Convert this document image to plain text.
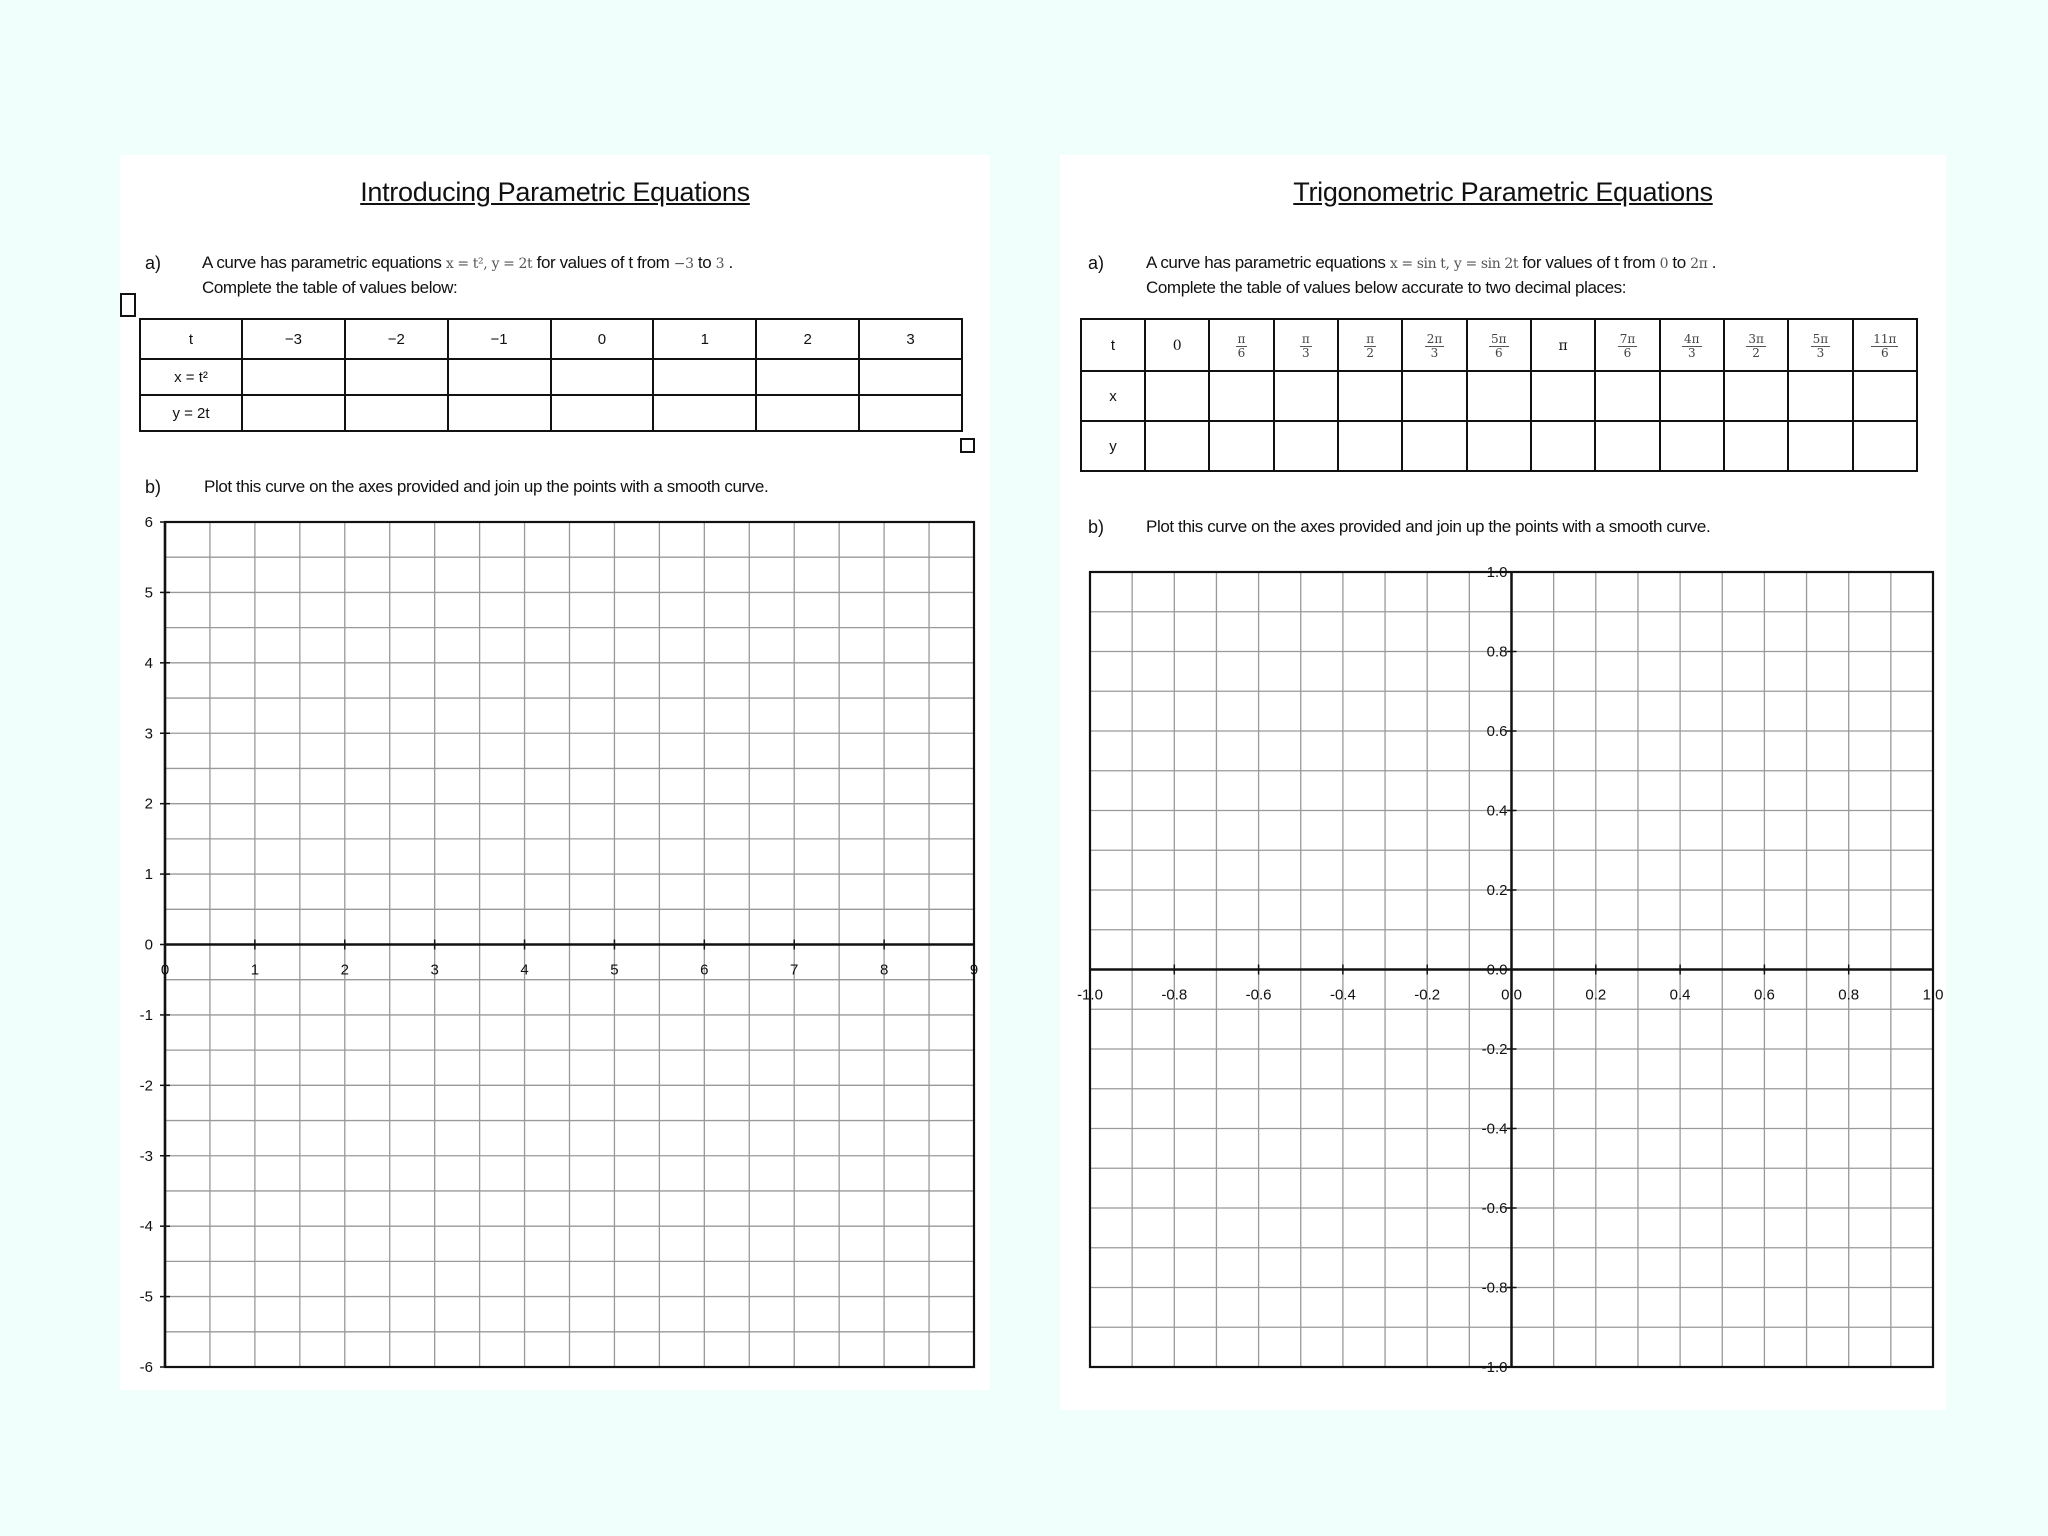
Introducing Parametric Equations
a) A curve has parametric equations x = t², y = 2t for values of t from −3 to 3 .
Complete the table of values below:
t	−3	−2	−1	0	1	2	3
x = t²							
y = 2t							
b)	Plot this curve on the axes provided and join up the points with a smooth curve.
0	1	2	3	4	5	6	7	8	9
6
5
4
3
2
1
0
-1
-2
-3
-4
-5
-6
Trigonometric Parametric Equations
a) A curve has parametric equations x = sin t, y = sin 2t for values of t from 0 to 2π .
Complete the table of values below accurate to two decimal places:
t	0	$\frac{\pi}{6}$	$\frac{\pi}{3}$	$\frac{\pi}{2}$	$\frac{2\pi}{3}$	$\frac{5\pi}{6}$	π	$\frac{7\pi}{6}$	$\frac{4\pi}{3}$	$\frac{3\pi}{2}$	$\frac{5\pi}{3}$	$\frac{11\pi}{6}$

x												
y												
b) Plot this curve on the axes provided and join up the points with a smooth curve.
-1.0	-0.8	-0.6	-0.4	-0.2	0.0	0.2	0.4	0.6	0.8	1.0
1.0
0.8
0.6
0.4
0.2
0.0
-0.2
-0.4
-0.6
-0.8
-1.0
